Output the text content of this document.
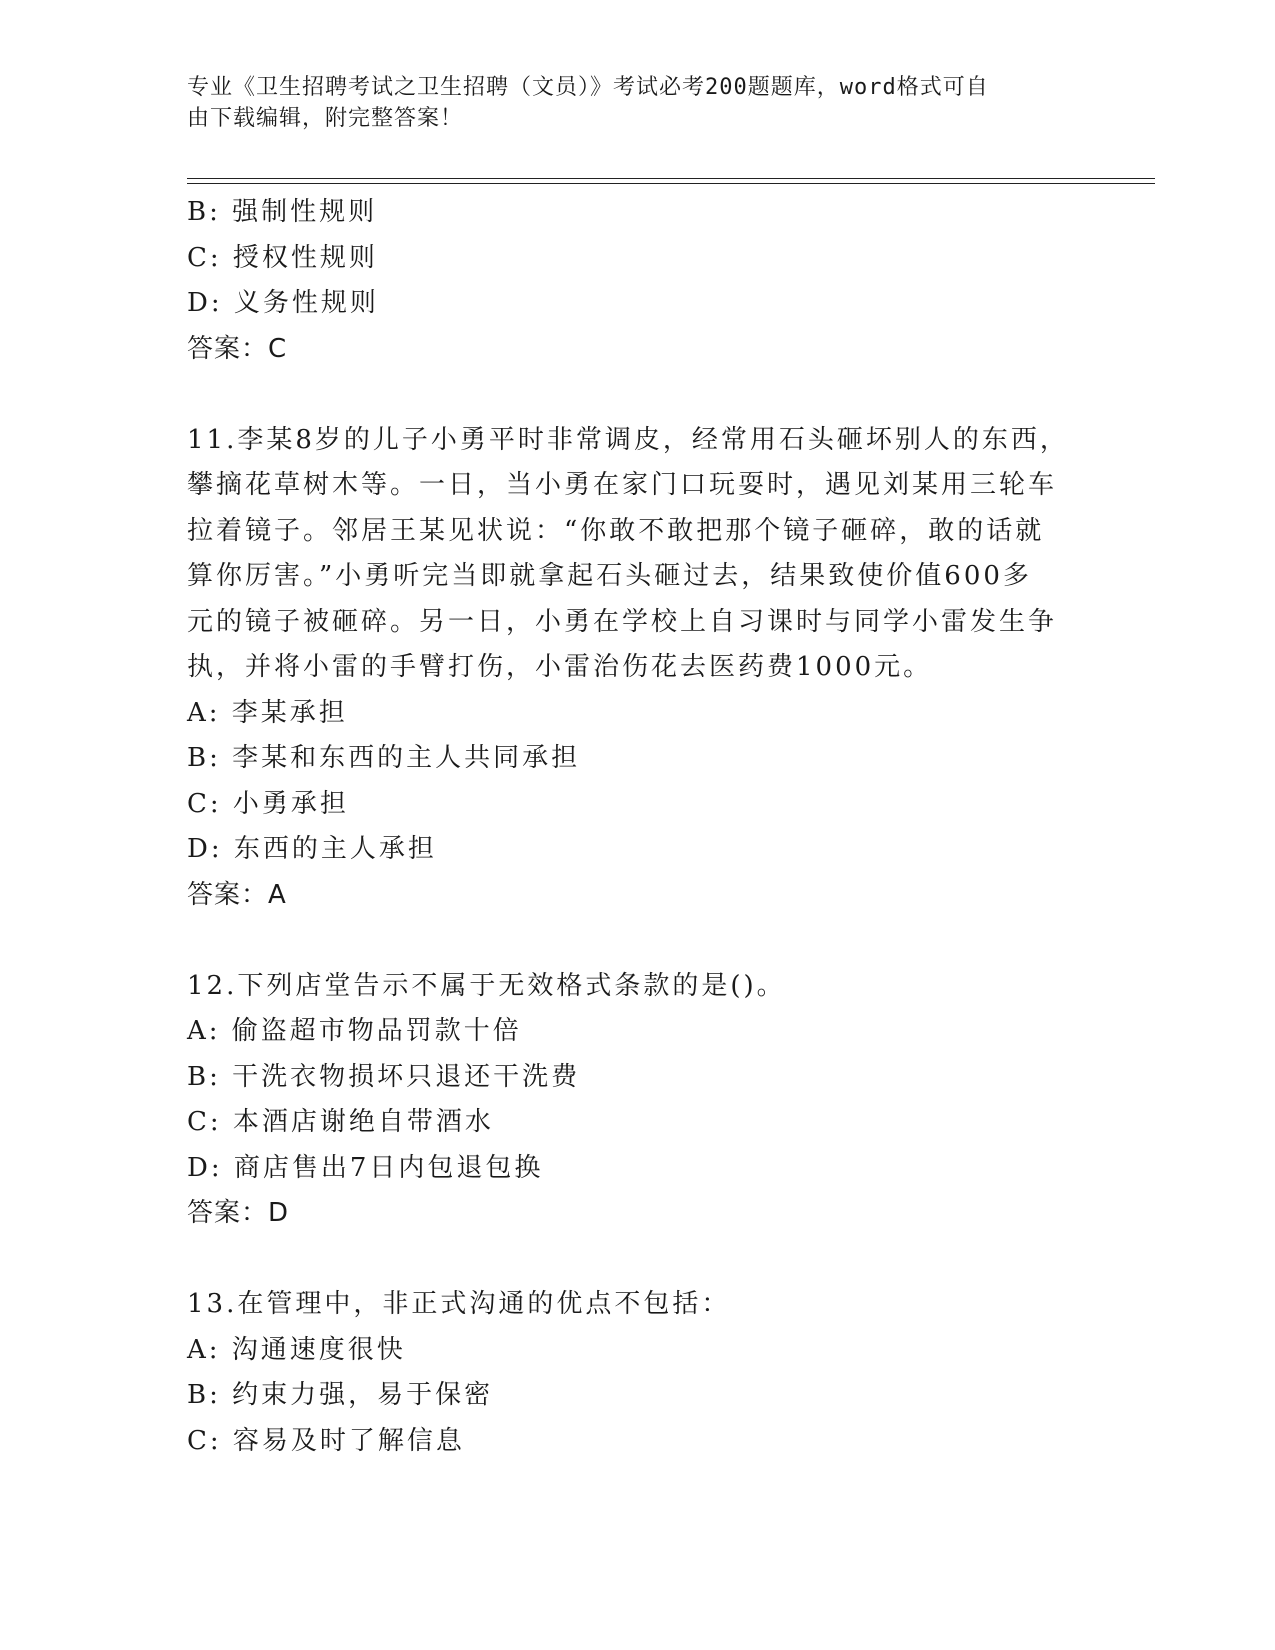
专业《卫生招聘考试之卫生招聘（文员）》考试必考200题题库，word格式可自
由下载编辑，附完整答案！
B: 强制性规则
C: 授权性规则
D: 义务性规则
答案：C
11.李某8岁的儿子小勇平时非常调皮，经常用石头砸坏别人的东西，
攀摘花草树木等。一日，当小勇在家门口玩耍时，遇见刘某用三轮车
拉着镜子。邻居王某见状说：“你敢不敢把那个镜子砸碎，敢的话就
算你厉害。”小勇听完当即就拿起石头砸过去，结果致使价值600多
元的镜子被砸碎。另一日，小勇在学校上自习课时与同学小雷发生争
执，并将小雷的手臂打伤，小雷治伤花去医药费1000元。
A: 李某承担
B: 李某和东西的主人共同承担
C: 小勇承担
D: 东西的主人承担
答案：A
12.下列店堂告示不属于无效格式条款的是()。
A: 偷盗超市物品罚款十倍
B: 干洗衣物损坏只退还干洗费
C: 本酒店谢绝自带酒水
D: 商店售出7日内包退包换
答案：D
13.在管理中，非正式沟通的优点不包括：
A: 沟通速度很快
B: 约束力强，易于保密
C: 容易及时了解信息
